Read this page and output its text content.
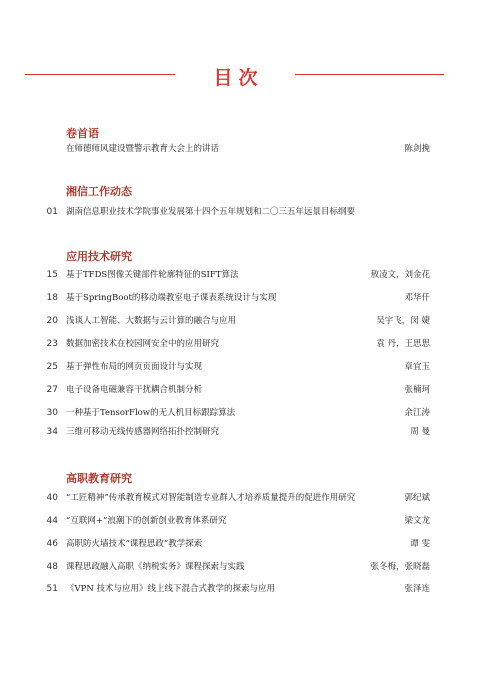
目次
卷首语
在师德师风建设暨警示教育大会上的讲话	陈剑挽
湘信工作动态
01 湖南信息职业技术学院事业发展第十四个五年规划和二〇三五年远景目标纲要
应用技术研究
15 基于TFDS图像关键部件轮廓特征的SIFT算法	敖凌文，刘金花
18 基于SpringBoot的移动端教室电子课表系统设计与实现	邓华仟
20 浅谈人工智能、大数据与云计算的融合与应用	吴宇飞，闵 婕
23 数据加密技术在校园网安全中的应用研究	袁 丹，王思思
25 基于弹性布局的网页页面设计与实现	章宜玉
27 电子设备电磁兼容干扰耦合机制分析	张楠珂
30 一种基于TensorFlow的无人机目标跟踪算法	余江涛
34 三维可移动无线传感器网络拓扑控制研究	周 曼
高职教育研究
40 “工匠精神”传承教育模式对智能制造专业群人才培养质量提升的促进作用研究	郭纪斌
44 “互联网+”浪潮下的创新创业教育体系研究	梁文龙
46 高职防火墙技术“课程思政”教学探索	谭 雯
48 课程思政融入高职《纳税实务》课程探索与实践	张冬梅，张晓磊
51 《VPN 技术与应用》线上线下混合式教学的探索与应用	张泽连
